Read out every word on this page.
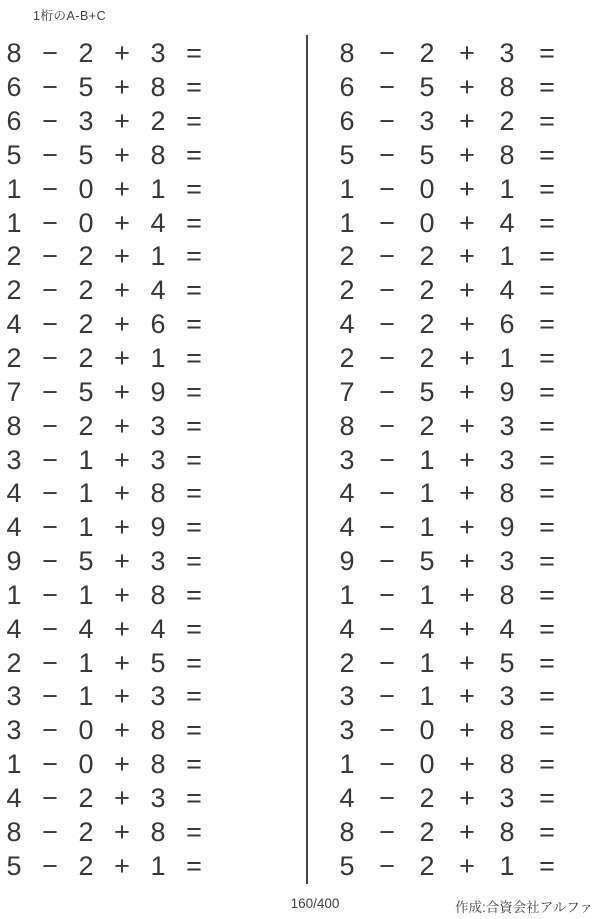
1桁のA-B+C
8 − 2 + 3 =
6 − 5 + 8 =
6 − 3 + 2 =
5 − 5 + 8 =
1 − 0 + 1 =
1 − 0 + 4 =
2 − 2 + 1 =
2 − 2 + 4 =
4 − 2 + 6 =
2 − 2 + 1 =
7 − 5 + 9 =
8 − 2 + 3 =
3 − 1 + 3 =
4 − 1 + 8 =
4 − 1 + 9 =
9 − 5 + 3 =
1 − 1 + 8 =
4 − 4 + 4 =
2 − 1 + 5 =
3 − 1 + 3 =
3 − 0 + 8 =
1 − 0 + 8 =
4 − 2 + 3 =
8 − 2 + 8 =
5 − 2 + 1 =
8 − 2 + 3 =
6 − 5 + 8 =
6 − 3 + 2 =
5 − 5 + 8 =
1 − 0 + 1 =
1 − 0 + 4 =
2 − 2 + 1 =
2 − 2 + 4 =
4 − 2 + 6 =
2 − 2 + 1 =
7 − 5 + 9 =
8 − 2 + 3 =
3 − 1 + 3 =
4 − 1 + 8 =
4 − 1 + 9 =
9 − 5 + 3 =
1 − 1 + 8 =
4 − 4 + 4 =
2 − 1 + 5 =
3 − 1 + 3 =
3 − 0 + 8 =
1 − 0 + 8 =
4 − 2 + 3 =
8 − 2 + 8 =
5 − 2 + 1 =
160/400	作成:合資会社アルファ
